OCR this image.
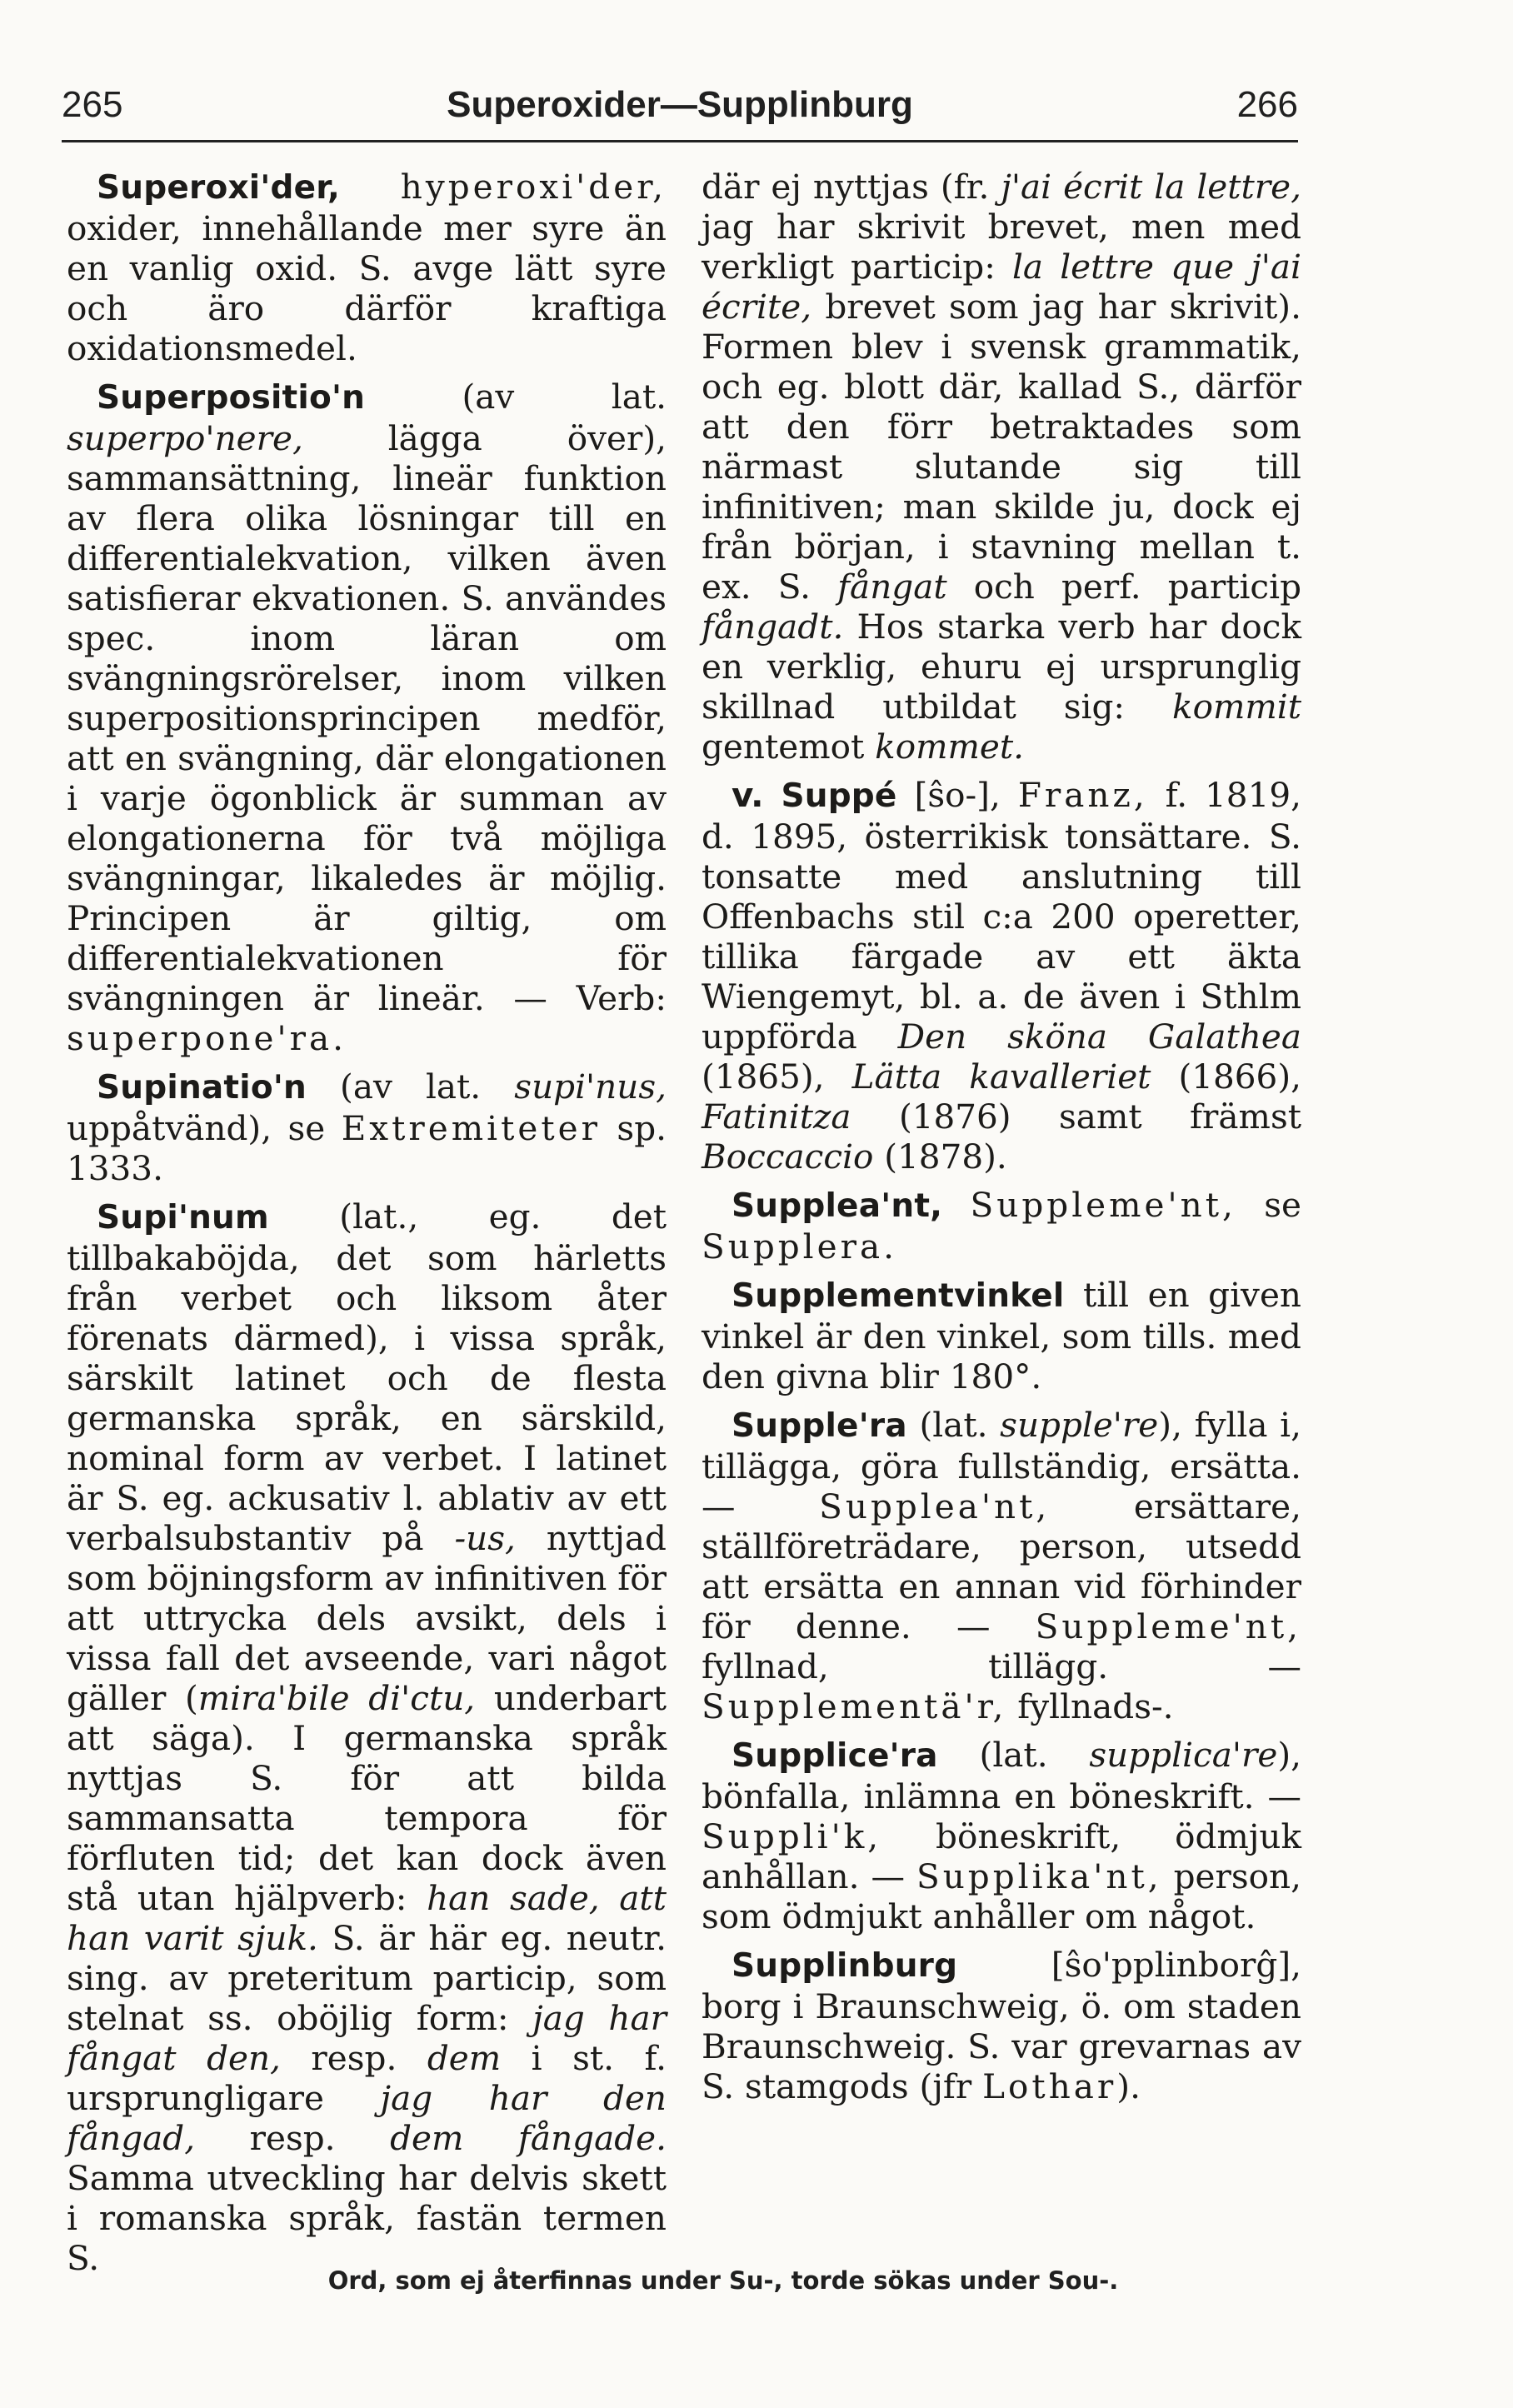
265	Superoxider—Supplinburg	266

Superoxi'der, hyperoxi'der, oxider, innehållande mer syre än en vanlig oxid. S. avge lätt syre och äro därför kraftiga oxidationsmedel.

Superpositio'n (av lat. superpo'nere, lägga över), sammansättning, lineär funktion av flera olika lösningar till en differentialekvation, vilken även satisfierar ekvationen. S. användes spec. inom läran om svängningsrörelser, inom vilken superpositionsprincipen medför, att en svängning, där elongationen i varje ögonblick är summan av elongationerna för två möjliga svängningar, likaledes är möjlig. Principen är giltig, om differentialekvationen för svängningen är lineär. — Verb: superpone'ra.

Supinatio'n (av lat. supi'nus, uppåtvänd), se Extremiteter sp. 1333.

Supi'num (lat., eg. det tillbakaböjda, det som härletts från verbet och liksom åter förenats därmed), i vissa språk, särskilt latinet och de flesta germanska språk, en särskild, nominal form av verbet. I latinet är S. eg. ackusativ l. ablativ av ett verbalsubstantiv på -us, nyttjad som böjningsform av infinitiven för att uttrycka dels avsikt, dels i vissa fall det avseende, vari något gäller (mira'bile di'ctu, underbart att säga). I germanska språk nyttjas S. för att bilda sammansatta tempora för förfluten tid; det kan dock även stå utan hjälpverb: han sade, att han varit sjuk. S. är här eg. neutr. sing. av preteritum particip, som stelnat ss. oböjlig form: jag har fångat den, resp. dem i st. f. ursprungligare jag har den fångad, resp. dem fångade. Samma utveckling har delvis skett i romanska språk, fastän termen S.

där ej nyttjas (fr. j'ai écrit la lettre, jag har skrivit brevet, men med verkligt particip: la lettre que j'ai écrite, brevet som jag har skrivit). Formen blev i svensk grammatik, och eg. blott där, kallad S., därför att den förr betraktades som närmast slutande sig till infinitiven; man skilde ju, dock ej från början, i stavning mellan t. ex. S. fångat och perf. particip fångadt. Hos starka verb har dock en verklig, ehuru ej ursprunglig skillnad utbildat sig: kommit gentemot kommet.

v. Suppé [ŝo-], Franz, f. 1819, d. 1895, österrikisk tonsättare. S. tonsatte med anslutning till Offenbachs stil c:a 200 operetter, tillika färgade av ett äkta Wiengemyt, bl. a. de även i Sthlm uppförda Den sköna Galathea (1865), Lätta kavalleriet (1866), Fatinitza (1876) samt främst Boccaccio (1878).

Supplea'nt, Suppleme'nt, se Supplera.

Supplementvinkel till en given vinkel är den vinkel, som tills. med den givna blir 180°.

Supple'ra (lat. supple're), fylla i, tillägga, göra fullständig, ersätta. — Supplea'nt, ersättare, ställföreträdare, person, utsedd att ersätta en annan vid förhinder för denne. — Suppleme'nt, fyllnad, tillägg. — Supplementä'r, fyllnads-.

Supplice'ra (lat. supplica're), bönfalla, inlämna en böneskrift. — Suppli'k, böneskrift, ödmjuk anhållan. — Supplika'nt, person, som ödmjukt anhåller om något.

Supplinburg [ŝo'pplinborĝ], borg i Braunschweig, ö. om staden Braunschweig. S. var grevarnas av S. stamgods (jfr Lothar).

Ord, som ej återfinnas under Su-, torde sökas under Sou-.
